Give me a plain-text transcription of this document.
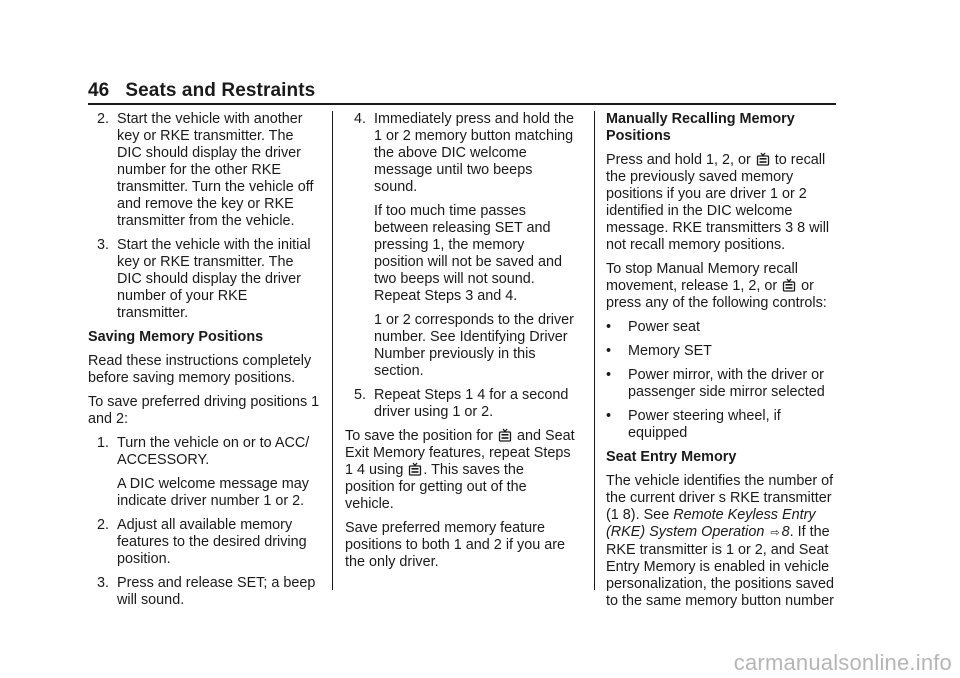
46 Seats and Restraints
2.  Start the vehicle with another key or RKE transmitter. The DIC should display the driver number for the other RKE transmitter. Turn the vehicle off and remove the key or RKE transmitter from the vehicle.
3.  Start the vehicle with the initial key or RKE transmitter. The DIC should display the driver number of your RKE transmitter.

Saving Memory Positions

Read these instructions completely before saving memory positions.

To save preferred driving positions 1 and 2:

1.  Turn the vehicle on or to ACC/ ACCESSORY.
A DIC welcome message may indicate driver number 1 or 2.
2.  Adjust all available memory features to the desired driving position.
3.  Press and release SET; a beep will sound.
4.  Immediately press and hold the 1 or 2 memory button matching the above DIC welcome message until two beeps sound.
If too much time passes between releasing SET and pressing 1, the memory position will not be saved and two beeps will not sound. Repeat Steps 3 and 4.
1 or 2 corresponds to the driver number. See Identifying Driver Number previously in this section.
5.  Repeat Steps 1 4 for a second driver using 1 or 2.

To save the position for and Seat Exit Memory features, repeat Steps 1 4 using . This saves the position for getting out of the vehicle.

Save preferred memory feature positions to both 1 and 2 if you are the only driver.

Manually Recalling Memory Positions

Press and hold 1, 2, or to recall the previously saved memory positions if you are driver 1 or 2 identified in the DIC welcome message. RKE transmitters 3 8 will not recall memory positions.

To stop Manual Memory recall movement, release 1, 2, or or press any of the following controls:

• Power seat
• Memory SET
• Power mirror, with the driver or passenger side mirror selected
• Power steering wheel, if equipped

Seat Entry Memory

The vehicle identifies the number of the current driver s RKE transmitter (1 8). See Remote Keyless Entry (RKE) System Operation ⇨ 8. If the RKE transmitter is 1 or 2, and Seat Entry Memory is enabled in vehicle personalization, the positions saved to the same memory button number

carmanualsonline.info
